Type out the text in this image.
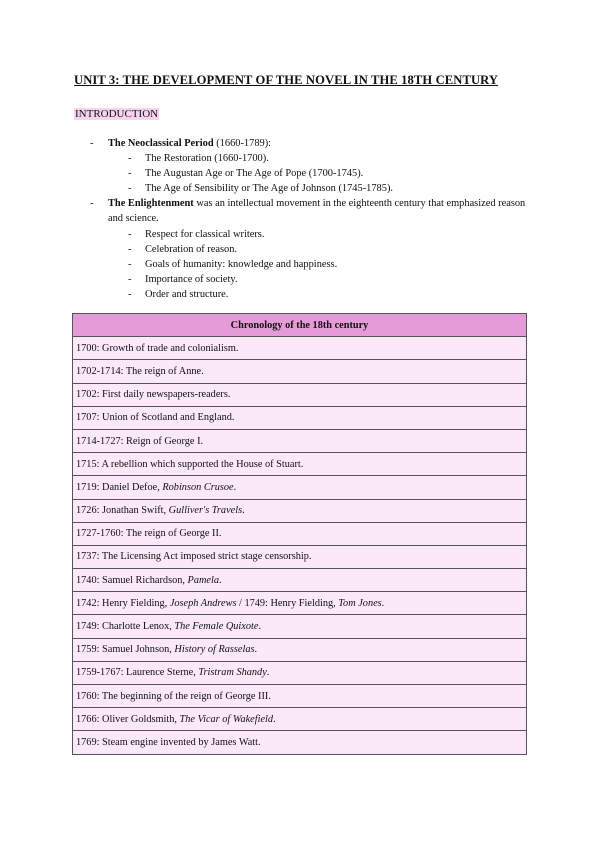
UNIT 3: THE DEVELOPMENT OF THE NOVEL IN THE 18TH CENTURY
INTRODUCTION
- The Neoclassical Period (1660-1789):
- The Restoration (1660-1700).
- The Augustan Age or The Age of Pope (1700-1745).
- The Age of Sensibility or The Age of Johnson (1745-1785).
- The Enlightenment was an intellectual movement in the eighteenth century that emphasized reason and science.
- Respect for classical writers.
- Celebration of reason.
- Goals of humanity: knowledge and happiness.
- Importance of society.
- Order and structure.
Chronology of the 18th century
1700: Growth of trade and colonialism.
1702-1714: The reign of Anne.
1702: First daily newspapers-readers.
1707: Union of Scotland and England.
1714-1727: Reign of George I.
1715: A rebellion which supported the House of Stuart.
1719: Daniel Defoe, Robinson Crusoe.
1726: Jonathan Swift, Gulliver's Travels.
1727-1760: The reign of George II.
1737: The Licensing Act imposed strict stage censorship.
1740: Samuel Richardson, Pamela.
1742: Henry Fielding, Joseph Andrews / 1749: Henry Fielding, Tom Jones.
1749: Charlotte Lenox, The Female Quixote.
1759: Samuel Johnson, History of Rasselas.
1759-1767: Laurence Sterne, Tristram Shandy.
1760: The beginning of the reign of George III.
1766: Oliver Goldsmith, The Vicar of Wakefield.
1769: Steam engine invented by James Watt.
